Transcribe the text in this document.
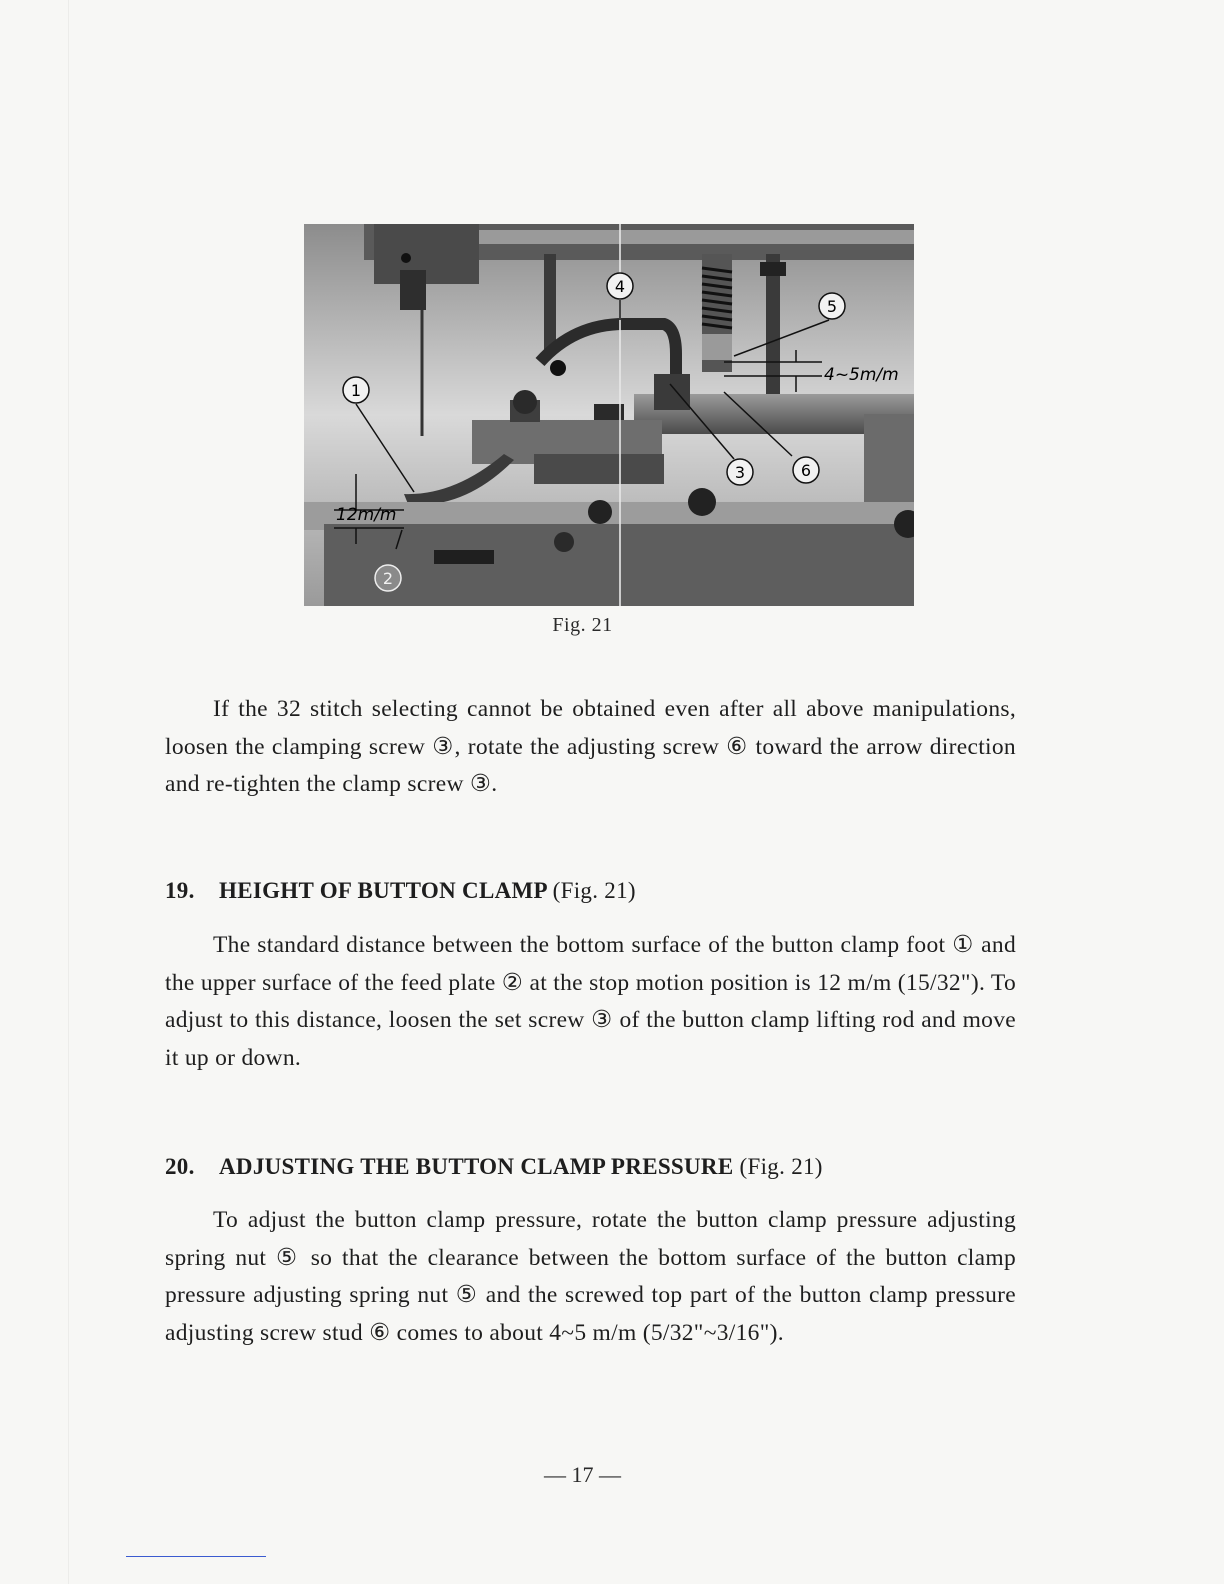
1
2
3
4
5
6
4~5m/m
12m/m
Fig. 21

If the 32 stitch selecting cannot be obtained even after all above manipulations, loosen the clamping screw ③, rotate the adjusting screw ⑥ toward the arrow direction and re-tighten the clamp screw ③.

19. HEIGHT OF BUTTON CLAMP (Fig. 21)

The standard distance between the bottom surface of the button clamp foot ① and the upper surface of the feed plate ② at the stop motion position is 12 m/m (15/32"). To adjust to this distance, loosen the set screw ③ of the button clamp lifting rod and move it up or down.

20. ADJUSTING THE BUTTON CLAMP PRESSURE (Fig. 21)

To adjust the button clamp pressure, rotate the button clamp pressure adjusting spring nut ⑤ so that the clearance between the bottom surface of the button clamp pressure adjusting spring nut ⑤ and the screwed top part of the button clamp pressure adjusting screw stud ⑥ comes to about 4~5 m/m (5/32"~3/16").

— 17 —
